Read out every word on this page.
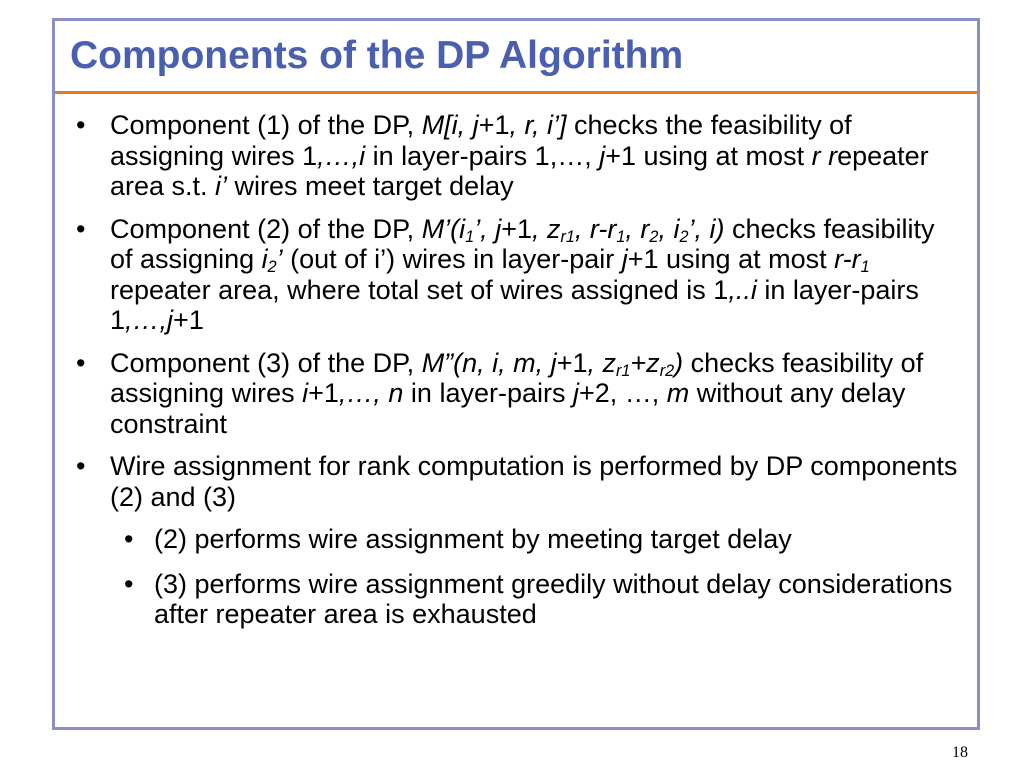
Components of the DP Algorithm
• Component (1) of the DP, M[i, j+1, r, i’] checks the feasibility of assigning wires 1,…,i in layer-pairs 1,…, j+1 using at most r repeater area s.t. i’ wires meet target delay
• Component (2) of the DP, $M’(i_1$’, j+1, $z_{r1}$, $r-r_1$, $r_2$, $i_2$’, i) checks feasibility of assigning $i_2$’ (out of i’) wires in layer-pair j+1 using at most $r-r_1$ repeater area, where total set of wires assigned is 1,..i in layer-pairs 1,…,j+1
• Component (3) of the DP, M”(n, i, m, j+1, $z_{r1}+z_{r2}$) checks feasibility of assigning wires i+1,…, n in layer-pairs j+2, …, m without any delay constraint
• Wire assignment for rank computation is performed by DP components (2) and (3)
• (2) performs wire assignment by meeting target delay
• (3) performs wire assignment greedily without delay considerations after repeater area is exhausted
18
